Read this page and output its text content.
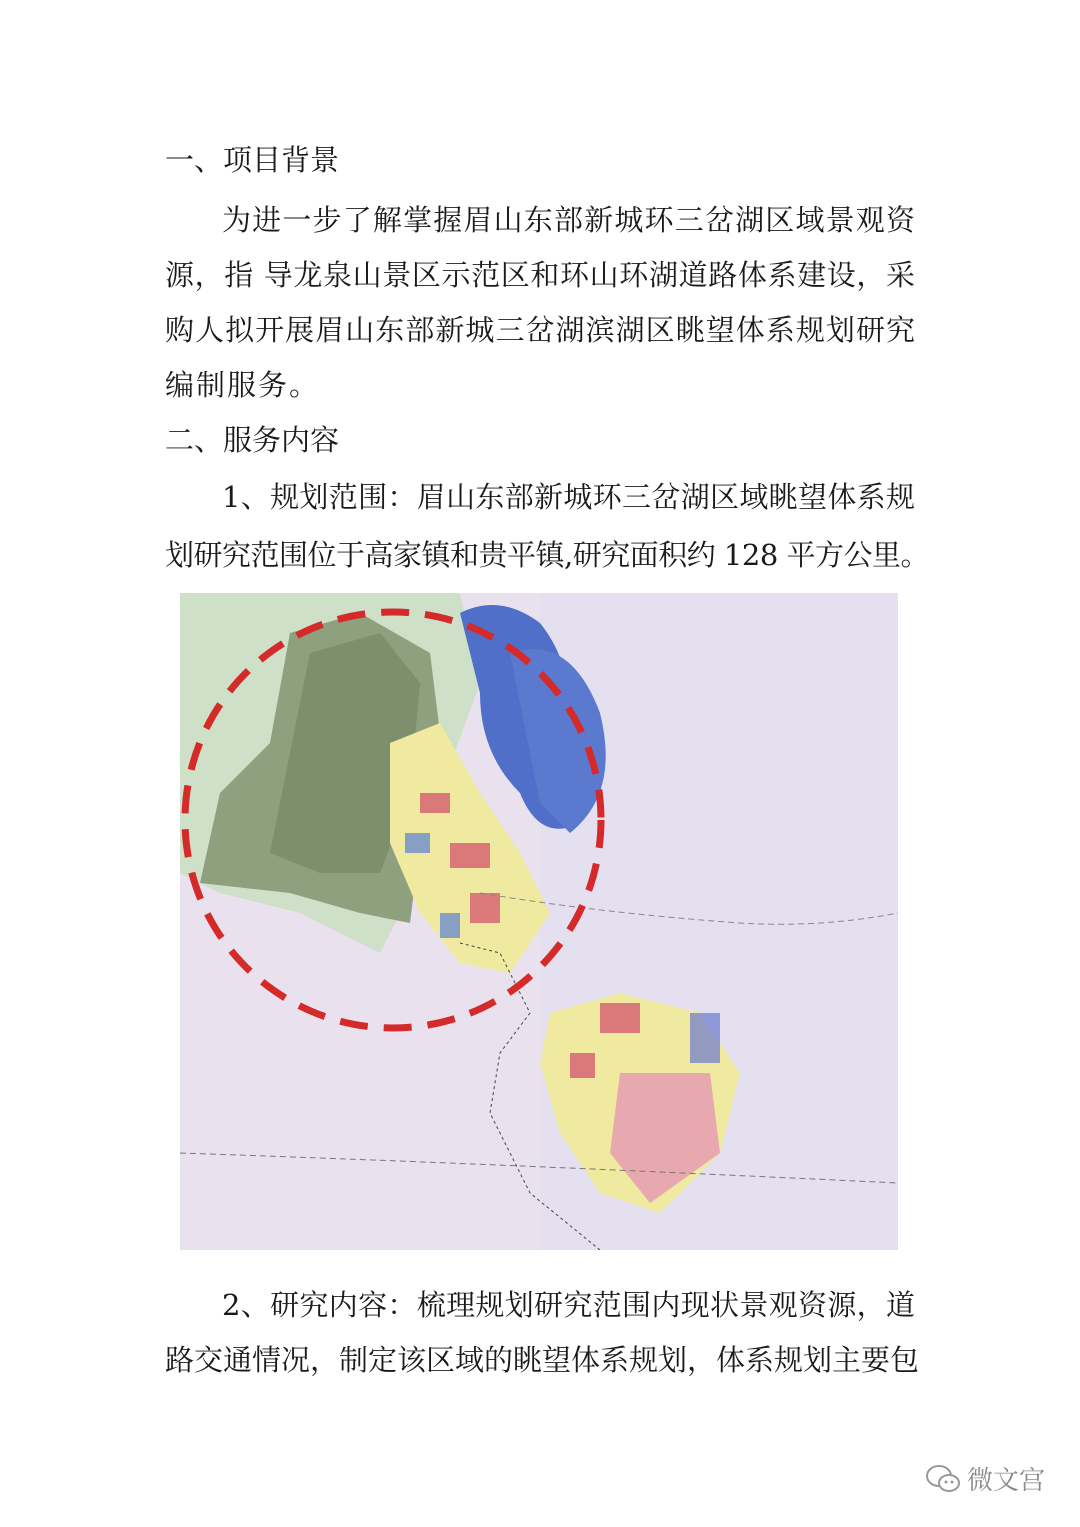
一、项目背景
为进一步了解掌握眉山东部新城环三岔湖区域景观资
源，指 导龙泉山景区示范区和环山环湖道路体系建设，采
购人拟开展眉山东部新城三岔湖滨湖区眺望体系规划研究
编制服务。
二、服务内容
1、规划范围：眉山东部新城环三岔湖区域眺望体系规
划研究范围位于高家镇和贵平镇,研究面积约 128 平方公里。
2、研究内容：梳理规划研究范围内现状景观资源，道
路交通情况，制定该区域的眺望体系规划，体系规划主要包
微文宫
